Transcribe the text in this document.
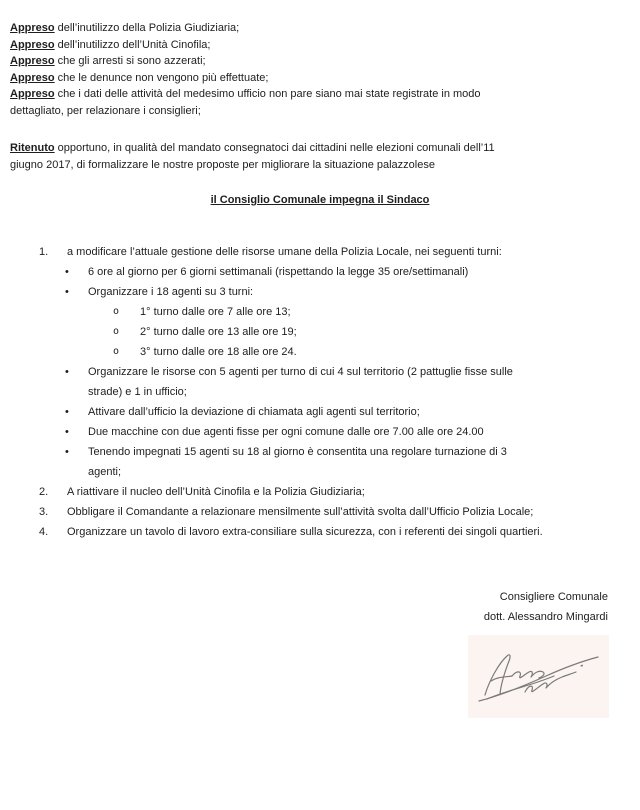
Appreso dell’inutilizzo della Polizia Giudiziaria;

Appreso dell’inutilizzo dell’Unità Cinofila;

Appreso che gli arresti si sono azzerati;

Appreso che le denunce non vengono più effettuate;

Appreso che i dati delle attività del medesimo ufficio non pare siano mai state registrate in modo
dettagliato, per relazionare i consiglieri;

Ritenuto opportuno, in qualità del mandato consegnatoci dai cittadini nelle elezioni comunali dell’11
giugno 2017, di formalizzare le nostre proposte per migliorare la situazione palazzolese

il Consiglio Comunale impegna il Sindaco
1.	a modificare l’attuale gestione delle risorse umane della Polizia Locale, nei seguenti turni:
•	6 ore al giorno per 6 giorni settimanali (rispettando la legge 35 ore/settimanali)
•	Organizzare i 18 agenti su 3 turni:
o	1° turno dalle ore 7 alle ore 13;
o	2° turno dalle ore 13 alle ore 19;
o	3° turno dalle ore 18 alle ore 24.
•	Organizzare le risorse con 5 agenti per turno di cui 4 sul territorio (2 pattuglie fisse sulle
strade) e 1 in ufficio;
•	Attivare dall’ufficio la deviazione di chiamata agli agenti sul territorio;
•	Due macchine con due agenti fisse per ogni comune dalle ore 7.00 alle ore 24.00
•	Tenendo impegnati 15 agenti su 18 al giorno è consentita una regolare turnazione di 3
agenti;
2.	A riattivare il nucleo dell’Unità Cinofila e la Polizia Giudiziaria;
3.	Obbligare il Comandante a relazionare mensilmente sull’attività svolta dall’Ufficio Polizia Locale;
4.	Organizzare un tavolo di lavoro extra-consiliare sulla sicurezza, con i referenti dei singoli quartieri.
Consigliere Comunale
dott. Alessandro Mingardi
